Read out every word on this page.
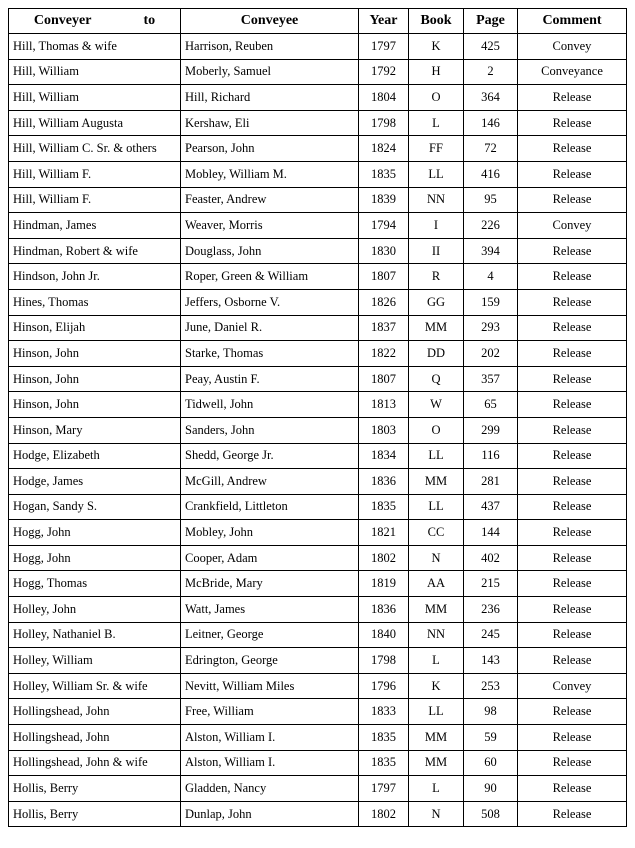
Conveyer to	Conveyee	Year	Book	Page	Comment
Hill, Thomas & wife	Harrison, Reuben	1797	K	425	Convey
Hill, William	Moberly, Samuel	1792	H	2	Conveyance
Hill, William	Hill, Richard	1804	O	364	Release
Hill, William Augusta	Kershaw, Eli	1798	L	146	Release
Hill, William C. Sr. & others	Pearson, John	1824	FF	72	Release
Hill, William F.	Mobley, William M.	1835	LL	416	Release
Hill, William F.	Feaster, Andrew	1839	NN	95	Release
Hindman, James	Weaver, Morris	1794	I	226	Convey
Hindman, Robert & wife	Douglass, John	1830	II	394	Release
Hindson, John Jr.	Roper, Green & William	1807	R	4	Release
Hines, Thomas	Jeffers, Osborne V.	1826	GG	159	Release
Hinson, Elijah	June, Daniel R.	1837	MM	293	Release
Hinson, John	Starke, Thomas	1822	DD	202	Release
Hinson, John	Peay, Austin F.	1807	Q	357	Release
Hinson, John	Tidwell, John	1813	W	65	Release
Hinson, Mary	Sanders, John	1803	O	299	Release
Hodge, Elizabeth	Shedd, George Jr.	1834	LL	116	Release
Hodge, James	McGill, Andrew	1836	MM	281	Release
Hogan, Sandy S.	Crankfield, Littleton	1835	LL	437	Release
Hogg, John	Mobley, John	1821	CC	144	Release
Hogg, John	Cooper, Adam	1802	N	402	Release
Hogg, Thomas	McBride, Mary	1819	AA	215	Release
Holley, John	Watt, James	1836	MM	236	Release
Holley, Nathaniel B.	Leitner, George	1840	NN	245	Release
Holley, William	Edrington, George	1798	L	143	Release
Holley, William Sr. & wife	Nevitt, William Miles	1796	K	253	Convey
Hollingshead, John	Free, William	1833	LL	98	Release
Hollingshead, John	Alston, William I.	1835	MM	59	Release
Hollingshead, John & wife	Alston, William I.	1835	MM	60	Release
Hollis, Berry	Gladden, Nancy	1797	L	90	Release
Hollis, Berry	Dunlap, John	1802	N	508	Release
